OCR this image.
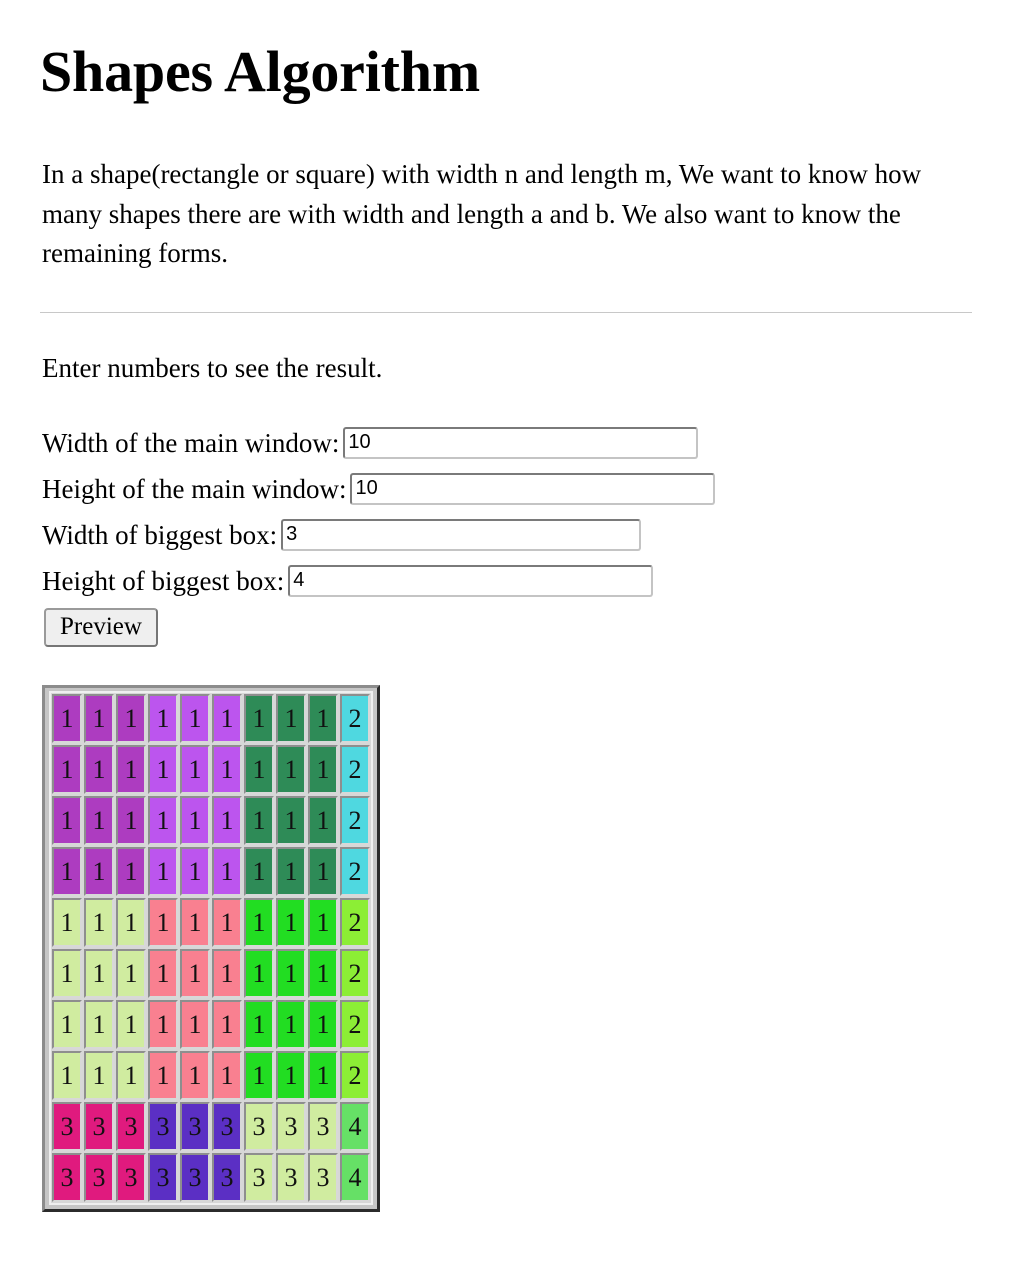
Shapes Algorithm

In a shape(rectangle or square) with width n and length m, We want to know how many shapes there are with width and length a and b. We also want to know the remaining forms.

Enter numbers to see the result.

Width of the main window:10
Height of the main window:10
Width of biggest box:3
Height of biggest box:4
Preview
1 1 1 1 1 1 1 1 1 2
1 1 1 1 1 1 1 1 1 2
1 1 1 1 1 1 1 1 1 2
1 1 1 1 1 1 1 1 1 2
1 1 1 1 1 1 1 1 1 2
1 1 1 1 1 1 1 1 1 2
1 1 1 1 1 1 1 1 1 2
1 1 1 1 1 1 1 1 1 2
3 3 3 3 3 3 3 3 3 4
3 3 3 3 3 3 3 3 3 4
